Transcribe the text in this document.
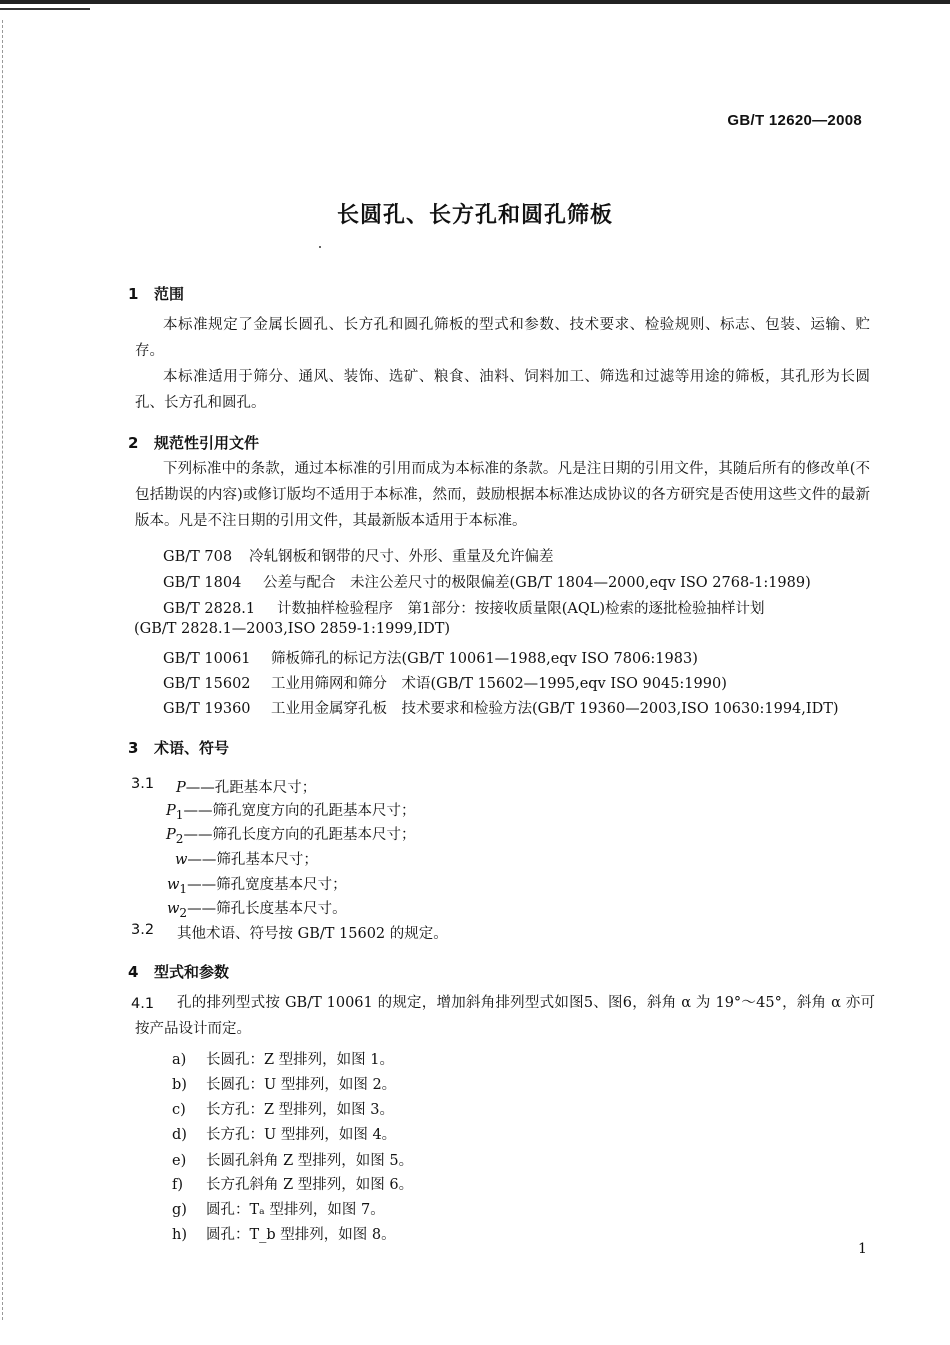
GB/T 12620—2008
长圆孔、长方孔和圆孔筛板
1 范围
本标准规定了金属长圆孔、长方孔和圆孔筛板的型式和参数、技术要求、检验规则、标志、包装、运输、贮存。
本标准适用于筛分、通风、装饰、选矿、粮食、油料、饲料加工、筛选和过滤等用途的筛板，其孔形为长圆孔、长方孔和圆孔。
2 规范性引用文件
下列标准中的条款，通过本标准的引用而成为本标准的条款。凡是注日期的引用文件，其随后所有的修改单(不包括勘误的内容)或修订版均不适用于本标准，然而，鼓励根据本标准达成协议的各方研究是否使用这些文件的最新版本。凡是不注日期的引用文件，其最新版本适用于本标准。
GB/T 708 冷轧钢板和钢带的尺寸、外形、重量及允许偏差
GB/T 1804 公差与配合　未注公差尺寸的极限偏差(GB/T 1804—2000,eqv ISO 2768-1:1989)
GB/T 2828.1 计数抽样检验程序　第1部分：按接收质量限(AQL)检索的逐批检验抽样计划
(GB/T 2828.1—2003,ISO 2859-1:1999,IDT)
GB/T 10061 筛板筛孔的标记方法(GB/T 10061—1988,eqv ISO 7806:1983)
GB/T 15602 工业用筛网和筛分　术语(GB/T 15602—1995,eqv ISO 9045:1990)
GB/T 19360 工业用金属穿孔板　技术要求和检验方法(GB/T 19360—2003,ISO 10630:1994,IDT)
3 术语、符号
3.1 P——孔距基本尺寸；
$P_1——$筛孔宽度方向的孔距基本尺寸；
$P_2——$筛孔长度方向的孔距基本尺寸；
w——筛孔基本尺寸；
$w_1——$筛孔宽度基本尺寸；
$w_2——$筛孔长度基本尺寸。
3.2 其他术语、符号按 GB/T 15602 的规定。
4 型式和参数
4.1	孔的排列型式按 GB/T 10061 的规定，增加斜角排列型式如图5、图6，斜角 α 为 19°～45°，斜角 α 亦可按产品设计而定。
a) 长圆孔：Z 型排列，如图 1。
b) 长圆孔：U 型排列，如图 2。
c) 长方孔：Z 型排列，如图 3。
d) 长方孔：U 型排列，如图 4。
e) 长圆孔斜角 Z 型排列，如图 5。
f) 长方孔斜角 Z 型排列，如图 6。
g) 圆孔：Tₐ 型排列，如图 7。
h) 圆孔：T_b 型排列，如图 8。
1
